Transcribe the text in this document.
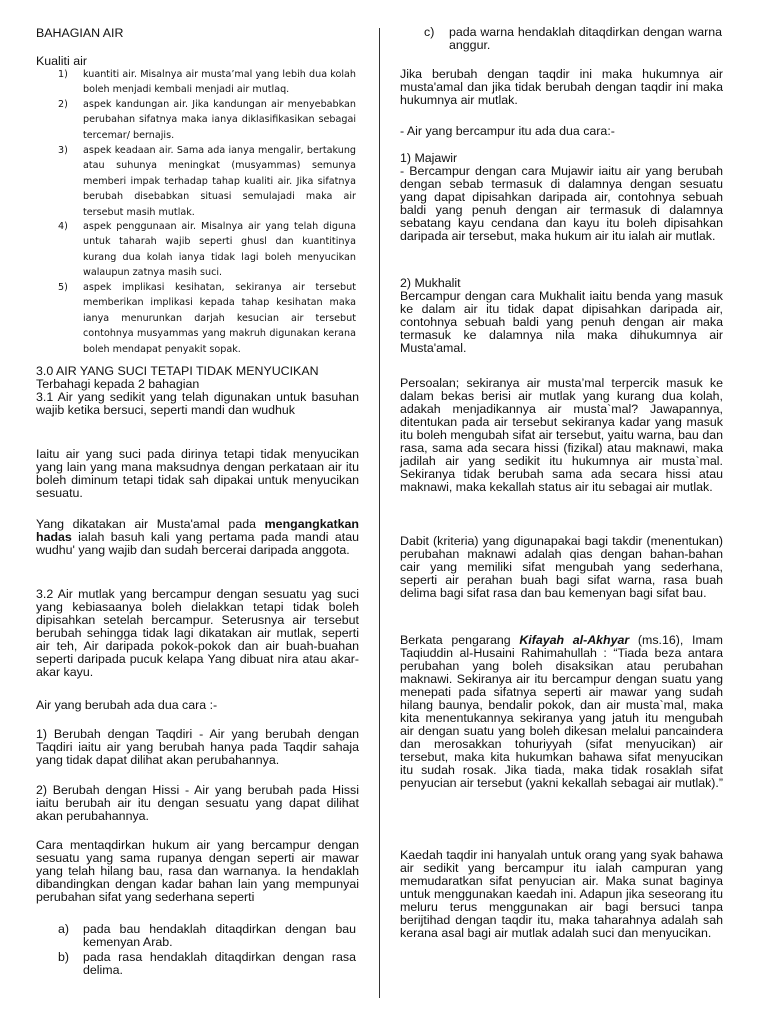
BAHAGIAN AIR

Kualiti air

1) kuantiti air. Misalnya air musta’mal yang lebih dua kolah boleh menjadi kembali menjadi air mutlaq.
2) aspek kandungan air. Jika kandungan air menyebabkan perubahan sifatnya maka ianya diklasifikasikan sebagai tercemar/ bernajis.
3) aspek keadaan air. Sama ada ianya mengalir, bertakung atau suhunya meningkat (musyammas) semunya memberi impak terhadap tahap kualiti air. Jika sifatnya berubah disebabkan situasi semulajadi maka air tersebut masih mutlak.
4) aspek penggunaan air. Misalnya air yang telah diguna untuk taharah wajib seperti ghusl dan kuantitinya kurang dua kolah ianya tidak lagi boleh menyucikan walaupun zatnya masih suci.
5) aspek implikasi kesihatan, sekiranya air tersebut memberikan implikasi kepada tahap kesihatan maka ianya menurunkan darjah kesucian air tersebut contohnya musyammas yang makruh digunakan kerana boleh mendapat penyakit sopak.

3.0 AIR YANG SUCI TETAPI TIDAK MENYUCIKAN

Terbahagi kepada 2 bahagian

3.1 Air yang sedikit yang telah digunakan untuk basuhan wajib ketika bersuci, seperti mandi dan wudhuk

Iaitu air yang suci pada dirinya tetapi tidak menyucikan yang lain yang mana maksudnya dengan perkataan air itu boleh diminum tetapi tidak sah dipakai untuk menyucikan sesuatu.

Yang dikatakan air Musta'amal pada mengangkatkan hadas ialah basuh kali yang pertama pada mandi atau wudhu' yang wajib dan sudah bercerai daripada anggota.

3.2 Air mutlak yang bercampur dengan sesuatu yag suci yang kebiasaanya boleh dielakkan tetapi tidak boleh dipisahkan setelah bercampur. Seterusnya air tersebut berubah sehingga tidak lagi dikatakan air mutlak, seperti air teh, Air daripada pokok-pokok dan air buah-buahan seperti daripada pucuk kelapa Yang dibuat nira atau akar-akar kayu.

Air yang berubah ada dua cara :-

1) Berubah dengan Taqdiri - Air yang berubah dengan Taqdiri iaitu air yang berubah hanya pada Taqdir sahaja yang tidak dapat dilihat akan perubahannya.

2) Berubah dengan Hissi - Air yang berubah pada Hissi iaitu berubah air itu dengan sesuatu yang dapat dilihat akan perubahannya.

Cara mentaqdirkan hukum air yang bercampur dengan sesuatu yang sama rupanya dengan seperti air mawar yang telah hilang bau, rasa dan warnanya. Ia hendaklah dibandingkan dengan kadar bahan lain yang mempunyai perubahan sifat yang sederhana seperti

a) pada bau hendaklah ditaqdirkan dengan bau kemenyan Arab.
b) pada rasa hendaklah ditaqdirkan dengan rasa delima.
c) pada warna hendaklah ditaqdirkan dengan warna anggur.

Jika berubah dengan taqdir ini maka hukumnya air musta'amal dan jika tidak berubah dengan taqdir ini maka hukumnya air mutlak.

- Air yang bercampur itu ada dua cara:-

1) Majawir

- Bercampur dengan cara Mujawir iaitu air yang berubah dengan sebab termasuk di dalamnya dengan sesuatu yang dapat dipisahkan daripada air, contohnya sebuah baldi yang penuh dengan air termasuk di dalamnya sebatang kayu cendana dan kayu itu boleh dipisahkan daripada air tersebut, maka hukum air itu ialah air mutlak.

2) Mukhalit

Bercampur dengan cara Mukhalit iaitu benda yang masuk ke dalam air itu tidak dapat dipisahkan daripada air, contohnya sebuah baldi yang penuh dengan air maka termasuk ke dalamnya nila maka dihukumnya air Musta'amal.

Persoalan; sekiranya air musta’mal terpercik masuk ke dalam bekas berisi air mutlak yang kurang dua kolah, adakah menjadikannya air musta`mal? Jawapannya, ditentukan pada air tersebut sekiranya kadar yang masuk itu boleh mengubah sifat air tersebut, yaitu warna, bau dan rasa, sama ada secara hissi (fizikal) atau maknawi, maka jadilah air yang sedikit itu hukumnya air musta`mal. Sekiranya tidak berubah sama ada secara hissi atau maknawi, maka kekallah status air itu sebagai air mutlak.

Dabit (kriteria) yang digunapakai bagi takdir (menentukan) perubahan maknawi adalah qias dengan bahan-bahan cair yang memiliki sifat mengubah yang sederhana, seperti air perahan buah bagi sifat warna, rasa buah delima bagi sifat rasa dan bau kemenyan bagi sifat bau.

Berkata pengarang Kifayah al-Akhyar (ms.16), Imam Taqiuddin al-Husaini Rahimahullah : “Tiada beza antara perubahan yang boleh disaksikan atau perubahan maknawi. Sekiranya air itu bercampur dengan suatu yang menepati pada sifatnya seperti air mawar yang sudah hilang baunya, bendalir pokok, dan air musta`mal, maka kita menentukannya sekiranya yang jatuh itu mengubah air dengan suatu yang boleh dikesan melalui pancaindera dan merosakkan tohuriyyah (sifat menyucikan) air tersebut, maka kita hukumkan bahawa sifat menyucikan itu sudah rosak. Jika tiada, maka tidak rosaklah sifat penyucian air tersebut (yakni kekallah sebagai air mutlak).”

Kaedah taqdir ini hanyalah untuk orang yang syak bahawa air sedikit yang bercampur itu ialah campuran yang memudaratkan sifat penyucian air. Maka sunat baginya untuk menggunakan kaedah ini. Adapun jika seseorang itu meluru terus menggunakan air bagi bersuci tanpa berijtihad dengan taqdir itu, maka taharahnya adalah sah kerana asal bagi air mutlak adalah suci dan menyucikan.
